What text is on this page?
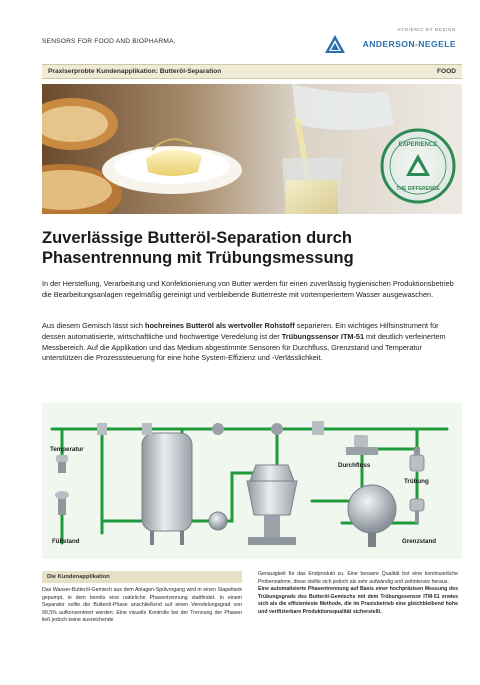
SENSORS FOR FOOD AND BIOPHARMA.
HYGIENIC BY DESIGN
ANDERSON-NEGELE
Praxiserprobte Kundenapplikation: Butteröl-Separation	FOOD
EXPERIENCE
THE DIFFERENCE
Zuverlässige Butteröl-Separation durch
Phasentrennung mit Trübungsmessung
In der Herstellung, Verarbeitung und Konfektionierung von Butter werden für einen zuverlässig hygienischen Produktionsbetrieb die Bearbeitungsanlagen regelmäßig gereinigt und verbleibende Butterreste mit vortemperiertem Wasser ausgewaschen.
Aus diesem Gemisch lässt sich hochreines Butteröl als wertvoller Rohstoff separieren. Ein wichtiges Hilfsinstrument für dessen automatisierte, wirtschaftliche und hochwertige Veredelung ist der Trübungssensor ITM-51 mit deutlich verfeinertem Messbereich. Auf die Applikation und das Medium abgestimmte Sensoren für Durchfluss, Grenzstand und Temperatur unterstützen die Prozesssteuerung für eine hohe System-Effizienz und -Verlässlichkeit.
Temperatur
Füllstand
Durchfluss
Trübung
Grenzstand
Die Kundenapplikation

Das Wasser-Butteröl-Gemisch aus dem Anlagen-Spülvorgang wird in einen Stapeltank gepumpt, in dem bereits eine natürliche Phasentrennung stattfindet. In einem Separator sollte die Butteröl-Phase anschließend auf einen Veredelungsgrad von 99,5% aufkonzentriert werden. Eine visuelle Kontrolle bei der Trennung der Phasen ließ jedoch keine ausreichende

Genauigkeit für das Endprodukt zu. Eine bessere Qualität bot eine kontinuierliche Probennahme, diese stellte sich jedoch als sehr aufwändig und zeitintensiv heraus.

Eine automatisierte Phasentrennung auf Basis einer hochpräzisen Messung des Trübungsgrads des Butteröl-Gemischs mit dem Trübungssensor ITM-51 erwies sich als die effizienteste Methode, die im Praxisbetrieb eine gleichbleibend hohe und verifizierbare Produktionsqualität sicherstellt.
